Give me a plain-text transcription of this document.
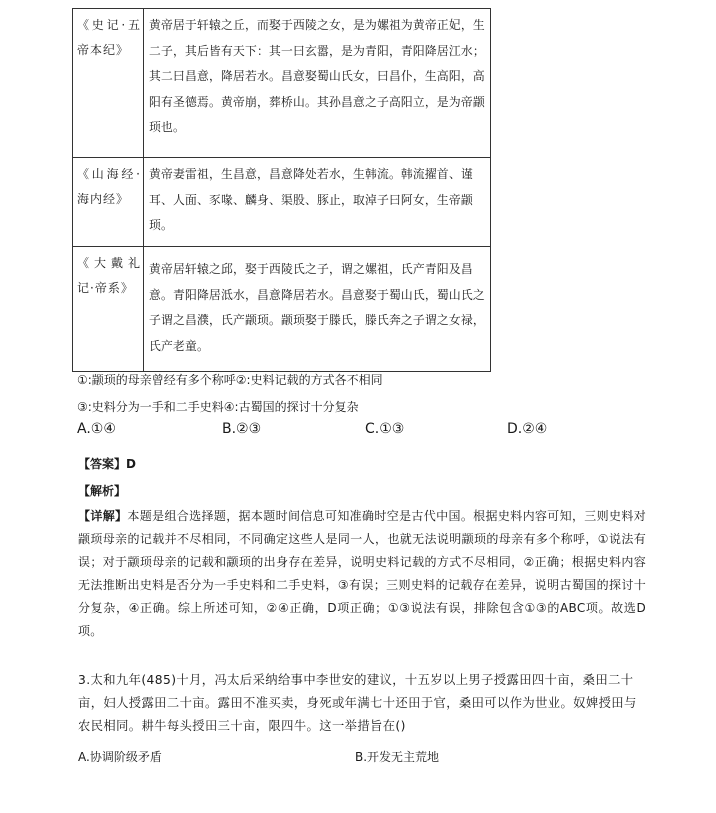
《史记·五帝本纪》	黄帝居于轩辕之丘，而娶于西陵之女，是为嫘祖为黄帝正妃，生二子，其后皆有天下：其一曰玄嚣，是为青阳，青阳降居江水；其二曰昌意，降居若水。昌意娶蜀山氏女，曰昌仆，生高阳，高阳有圣德焉。黄帝崩，葬桥山。其孙昌意之子高阳立，是为帝颛顼也。

《山海经·海内经》	黄帝妻雷祖，生昌意，昌意降处若水，生韩流。韩流擢首、谨耳、人面、豕喙、麟身、渠股、豚止，取淖子曰阿女，生帝颛顼。

《大戴礼记·帝系》	黄帝居轩辕之邱，娶于西陵氏之子，谓之嫘祖，氏产青阳及昌意。青阳降居泜水，昌意降居若水。昌意娶于蜀山氏，蜀山氏之子谓之昌濮，氏产颛顼。颛顼娶于滕氏，滕氏奔之子谓之女禄，氏产老童。
①:颛顼的母亲曾经有多个称呼②:史料记载的方式各不相同
③:史料分为一手和二手史料④:古蜀国的探讨十分复杂
A.①④	B.②③	C.①③	D.②④
【答案】D
【解析】
【详解】本题是组合选择题，据本题时间信息可知准确时空是古代中国。根据史料内容可知，三则史料对颛顼母亲的记载并不尽相同，不同确定这些人是同一人，也就无法说明颛顼的母亲有多个称呼，①说法有误；对于颛顼母亲的记载和颛顼的出身存在差异，说明史料记载的方式不尽相同，②正确；根据史料内容无法推断出史料是否分为一手史料和二手史料，③有误；三则史料的记载存在差异，说明古蜀国的探讨十分复杂，④正确。综上所述可知，②④正确，D项正确；①③说法有误，排除包含①③的ABC项。故选D项。
3.太和九年(485)十月，冯太后采纳给事中李世安的建议，十五岁以上男子授露田四十亩，桑田二十亩，妇人授露田二十亩。露田不准买卖，身死或年满七十还田于官，桑田可以作为世业。奴婢授田与农民相同。耕牛每头授田三十亩，限四牛。这一举措旨在()
A.协调阶级矛盾	B.开发无主荒地
